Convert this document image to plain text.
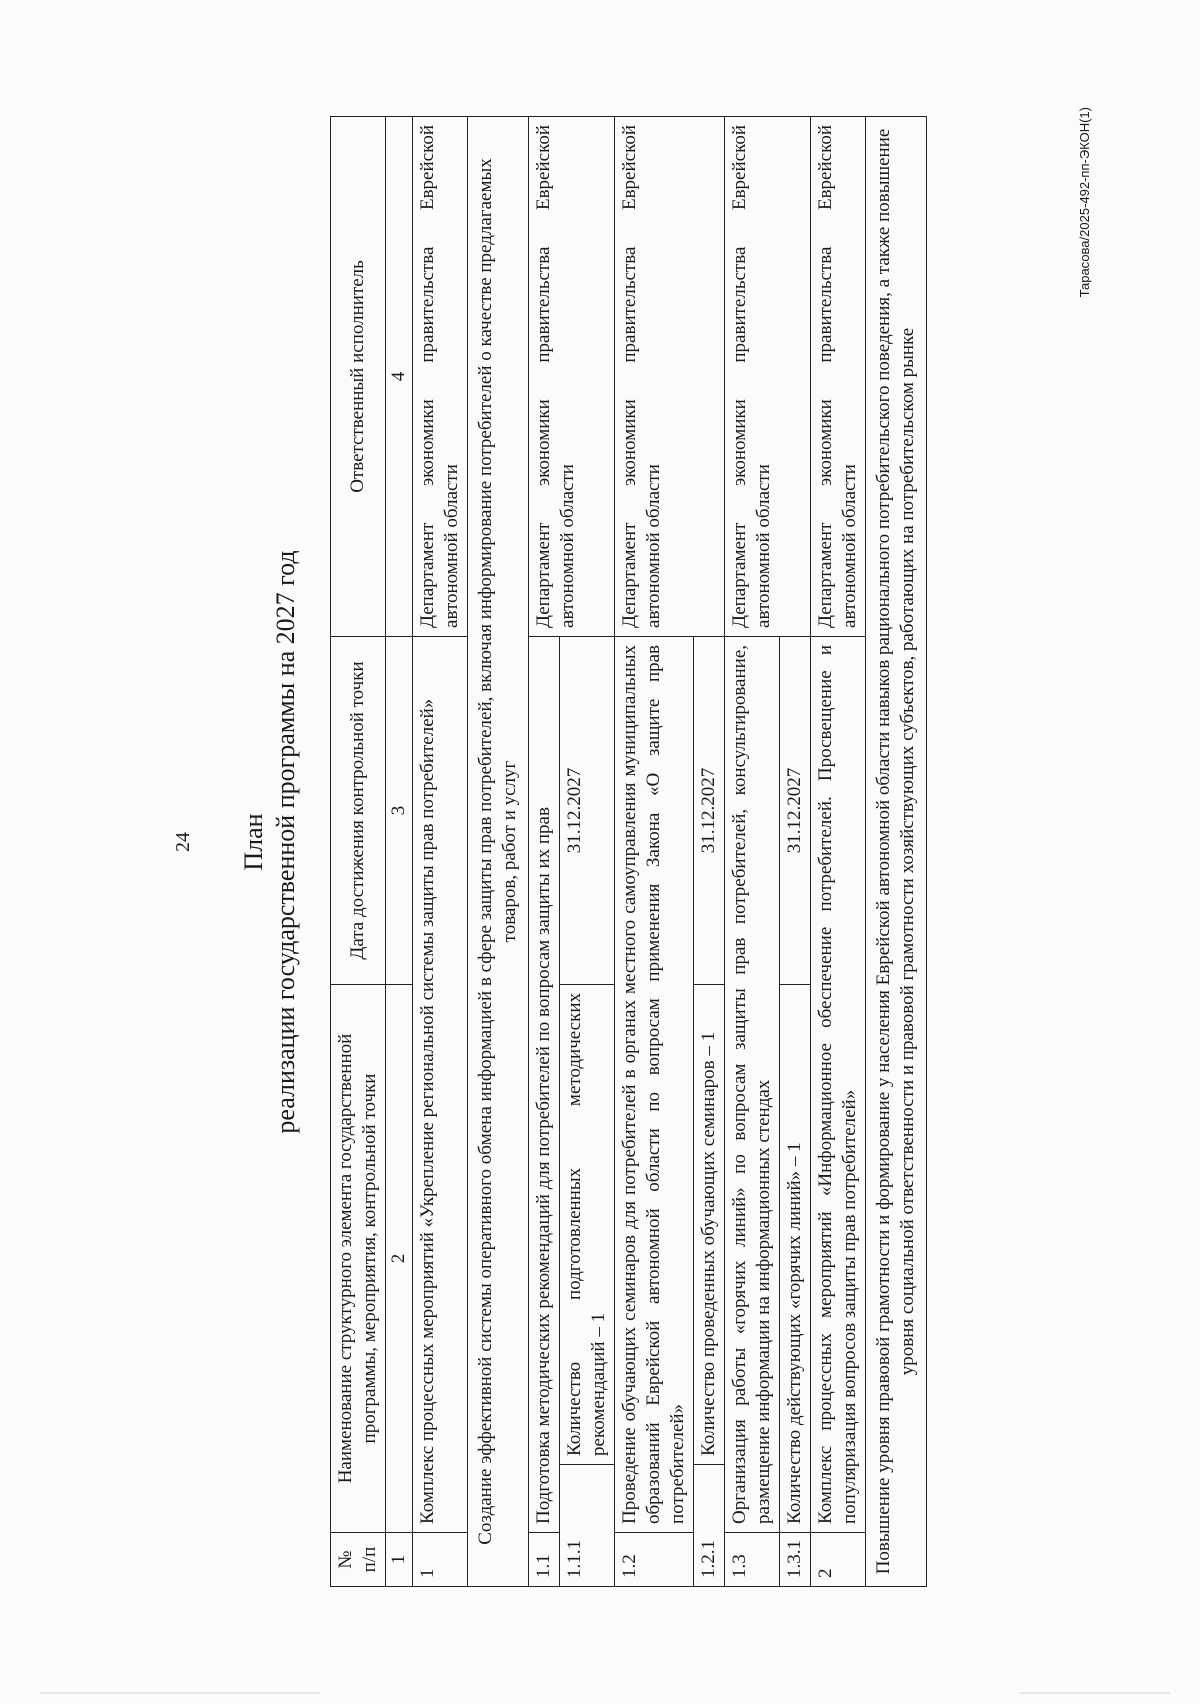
24 План реализации государственной программы на 2027 год
№ п/п	Наименование структурного элемента государственной программы, мероприятия, контрольной точки		Дата достижения контрольной точки	Ответственный исполнитель
1	2		3	4
1	Комплекс процессных мероприятий «Укрепление региональной системы защиты прав потребителей»			Департамент экономики правительства Еврейской автономной области
Создание эффективной системы оперативного обмена информацией в сфере защиты прав потребителей, включая информирование потребителей о качестве предлагаемых товаров, работ и услуг				
1.1	Подготовка методических рекомендаций для потребителей по вопросам защиты их прав			Департамент экономики правительства Еврейской автономной области
1.1.1		Количество подготовленных методических рекомендаций – 1	31.12.2027	
1.2	Проведение обучающих семинаров для потребителей в органах местного самоуправления муниципальных образований Еврейской автономной области по вопросам применения Закона «О защите прав потребителей»			Департамент экономики правительства Еврейской автономной области
1.2.1		Количество проведенных обучающих семинаров – 1	31.12.2027	
1.3	Организация работы «горячих линий» по вопросам защиты прав потребителей, консультирование, размещение информации на информационных стендах			Департамент экономики правительства Еврейской автономной области
1.3.1	Количество действующих «горячих линий» – 1		31.12.2027	
2	Комплекс процессных мероприятий «Информационное обеспечение потребителей. Просвещение и популяризация вопросов защиты прав потребителей»			Департамент экономики правительства Еврейской автономной области
Повышение уровня правовой грамотности и формирование у населения Еврейской автономной области навыков рационального потребительского поведения, а также повышение уровня социальной ответственности и правовой грамотности хозяйствующих субъектов, работающих на потребительском рынке				
Тарасова/2025-492-пп-ЭКОН(1)
